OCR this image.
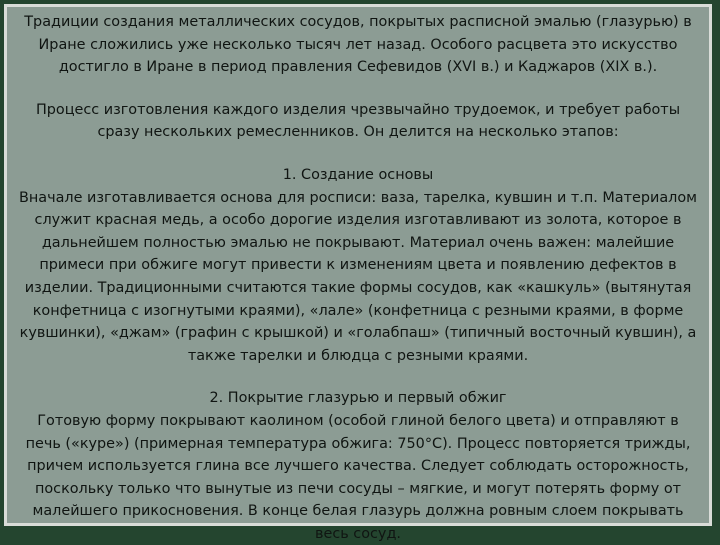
Традиции создания металлических сосудов, покрытых расписной эмалью (глазурью) в
Иране сложились уже несколько тысяч лет назад. Особого расцвета это искусство
достигло в Иране в период правления Сефевидов (XVI в.) и Каджаров (XIX в.).
Процесс изготовления каждого изделия чрезвычайно трудоемок, и требует работы
сразу нескольких ремесленников. Он делится на несколько этапов:
1. Создание основы
Вначале изготавливается основа для росписи: ваза, тарелка, кувшин и т.п. Материалом
служит красная медь, а особо дорогие изделия изготавливают из золота, которое в
дальнейшем полностью эмалью не покрывают. Материал очень важен: малейшие
примеси при обжиге могут привести к изменениям цвета и появлению дефектов в
изделии. Традиционными считаются такие формы сосудов, как «кашкуль» (вытянутая
конфетница с изогнутыми краями), «лале» (конфетница с резными краями, в форме
кувшинки), «джам» (графин с крышкой) и «голабпаш» (типичный восточный кувшин), а
также тарелки и блюдца с резными краями.
2. Покрытие глазурью и первый обжиг
Готовую форму покрывают каолином (особой глиной белого цвета) и отправляют в
печь («куре») (примерная температура обжига: 750°С). Процесс повторяется трижды,
причем используется глина все лучшего качества. Следует соблюдать осторожность,
поскольку только что вынутые из печи сосуды – мягкие, и могут потерять форму от
малейшего прикосновения. В конце белая глазурь должна ровным слоем покрывать
весь сосуд.
